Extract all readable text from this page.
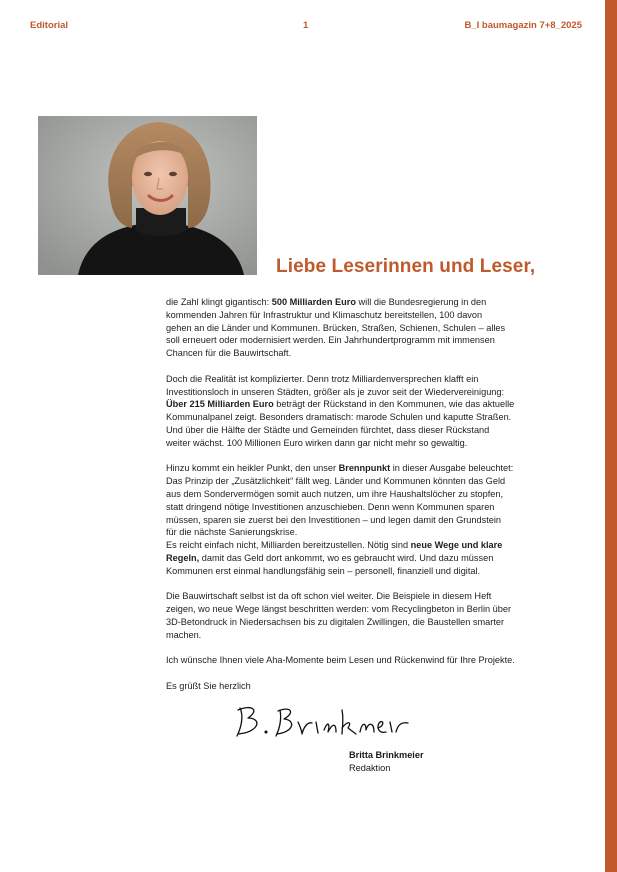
Editorial	1	B_I baumagazin 7+8_2025
Liebe Leserinnen und Leser,
die Zahl klingt gigantisch: 500 Milliarden Euro will die Bundesregierung in den
kommenden Jahren für Infrastruktur und Klimaschutz bereitstellen, 100 davon
gehen an die Länder und Kommunen. Brücken, Straßen, Schienen, Schulen – alles
soll erneuert oder modernisiert werden. Ein Jahrhundertprogramm mit immensen
Chancen für die Bauwirtschaft.
Doch die Realität ist komplizierter. Denn trotz Milliardenversprechen klafft ein
Investitionsloch in unseren Städten, größer als je zuvor seit der Wiedervereinigung:
Über 215 Milliarden Euro beträgt der Rückstand in den Kommunen, wie das aktuelle
Kommunalpanel zeigt. Besonders dramatisch: marode Schulen und kaputte Straßen.
Und über die Hälfte der Städte und Gemeinden fürchtet, dass dieser Rückstand
weiter wächst. 100 Millionen Euro wirken dann gar nicht mehr so gewaltig.
Hinzu kommt ein heikler Punkt, den unser Brennpunkt in dieser Ausgabe beleuchtet:
Das Prinzip der „Zusätzlichkeit“ fällt weg. Länder und Kommunen könnten das Geld
aus dem Sondervermögen somit auch nutzen, um ihre Haushaltslöcher zu stopfen,
statt dringend nötige Investitionen anzuschieben. Denn wenn Kommunen sparen
müssen, sparen sie zuerst bei den Investitionen – und legen damit den Grundstein
für die nächste Sanierungskrise.
Es reicht einfach nicht, Milliarden bereitzustellen. Nötig sind neue Wege und klare
Regeln, damit das Geld dort ankommt, wo es gebraucht wird. Und dazu müssen
Kommunen erst einmal handlungsfähig sein – personell, finanziell und digital.
Die Bauwirtschaft selbst ist da oft schon viel weiter. Die Beispiele in diesem Heft
zeigen, wo neue Wege längst beschritten werden: vom Recyclingbeton in Berlin über
3D-Betondruck in Niedersachsen bis zu digitalen Zwillingen, die Baustellen smarter
machen.
Ich wünsche Ihnen viele Aha-Momente beim Lesen und Rückenwind für Ihre Projekte.
Es grüßt Sie herzlich
Britta Brinkmeier
Redaktion
